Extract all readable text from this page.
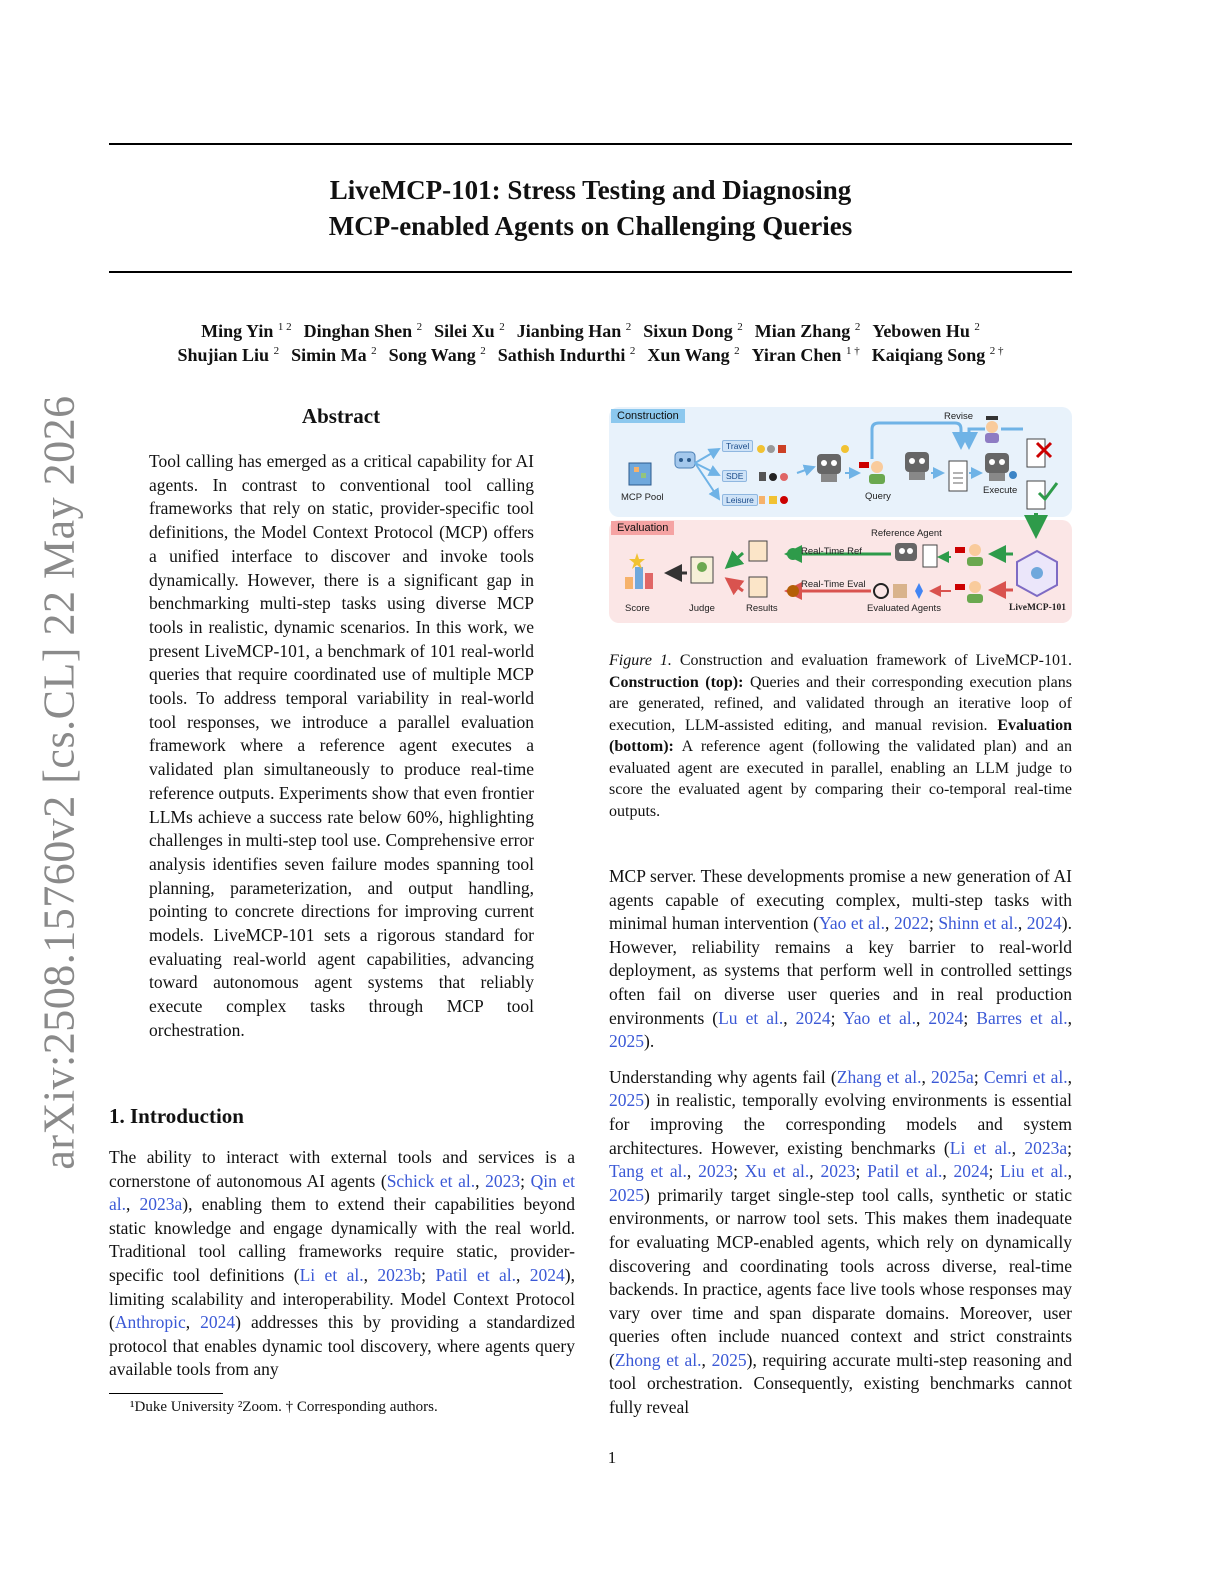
LiveMCP-101: Stress Testing and Diagnosing
MCP-enabled Agents on Challenging Queries
Ming Yin $^{1 2}$ Dinghan Shen $^2$ Silei Xu $^2$ Jianbing Han $^2$ Sixun Dong $^2$ Mian Zhang $^2$ Yebowen Hu $^2$
Shujian Liu $^2$ Simin Ma $^2$ Song Wang $^2$ Sathish Indurthi $^2$ Xun Wang $^2$ Yiran Chen $^{1 \dagger}$ Kaiqiang Song $^{2 \dagger}$
arXiv:2508.15760v2 [cs.CL] 22 May 2026	Abstract
Tool calling has emerged as a critical capability for AI agents. In contrast to conventional tool calling frameworks that rely on static, provider-specific tool definitions, the Model Context Protocol (MCP) offers a unified interface to discover and invoke tools dynamically. However, there is a significant gap in benchmarking multi-step tasks using diverse MCP tools in realistic, dynamic scenarios. In this work, we present LiveMCP-101, a benchmark of 101 real-world queries that require coordinated use of multiple MCP tools. To address temporal variability in real-world tool responses, we introduce a parallel evaluation framework where a reference agent executes a validated plan simultaneously to produce real-time reference outputs. Experiments show that even frontier LLMs achieve a success rate below 60%, highlighting challenges in multi-step tool use. Comprehensive error analysis identifies seven failure modes spanning tool planning, parameterization, and output handling, pointing to concrete directions for improving current models. LiveMCP-101 sets a rigorous standard for evaluating real-world agent capabilities, advancing toward autonomous agent systems that reliably execute complex tasks through MCP tool orchestration.
1. Introduction

The ability to interact with external tools and services is a cornerstone of autonomous AI agents (Schick et al., 2023; Qin et al., 2023a), enabling them to extend their capabilities beyond static knowledge and engage dynamically with the real world. Traditional tool calling frameworks require static, provider-specific tool definitions (Li et al., 2023b; Patil et al., 2024), limiting scalability and interoperability. Model Context Protocol (Anthropic, 2024) addresses this by providing a standardized protocol that enables dynamic tool discovery, where agents query available tools from any

¹Duke University ²Zoom. † Corresponding authors.
Construction
Evaluation
MCP Pool
Travel
SDE
Leisure	Query
Revise
Execute
Reference Agent
Real-Time Ref
Real-Time Eval
Evaluated Agents
Results
Judge
Score	LiveMCP-101
Figure 1. Construction and evaluation framework of LiveMCP-101. Construction (top): Queries and their corresponding execution plans are generated, refined, and validated through an iterative loop of execution, LLM-assisted editing, and manual revision. Evaluation (bottom): A reference agent (following the validated plan) and an evaluated agent are executed in parallel, enabling an LLM judge to score the evaluated agent by comparing their co-temporal real-time outputs.

MCP server. These developments promise a new generation of AI agents capable of executing complex, multi-step tasks with minimal human intervention (Yao et al., 2022; Shinn et al., 2024). However, reliability remains a key barrier to real-world deployment, as systems that perform well in controlled settings often fail on diverse user queries and in real production environments (Lu et al., 2024; Yao et al., 2024; Barres et al., 2025).

Understanding why agents fail (Zhang et al., 2025a; Cemri et al., 2025) in realistic, temporally evolving environments is essential for improving the corresponding models and system architectures. However, existing benchmarks (Li et al., 2023a; Tang et al., 2023; Xu et al., 2023; Patil et al., 2024; Liu et al., 2025) primarily target single-step tool calls, synthetic or static environments, or narrow tool sets. This makes them inadequate for evaluating MCP-enabled agents, which rely on dynamically discovering and coordinating tools across diverse, real-time backends. In practice, agents face live tools whose responses may vary over time and span disparate domains. Moreover, user queries often include nuanced context and strict constraints (Zhong et al., 2025), requiring accurate multi-step reasoning and tool orchestration. Consequently, existing benchmarks cannot fully reveal

1
